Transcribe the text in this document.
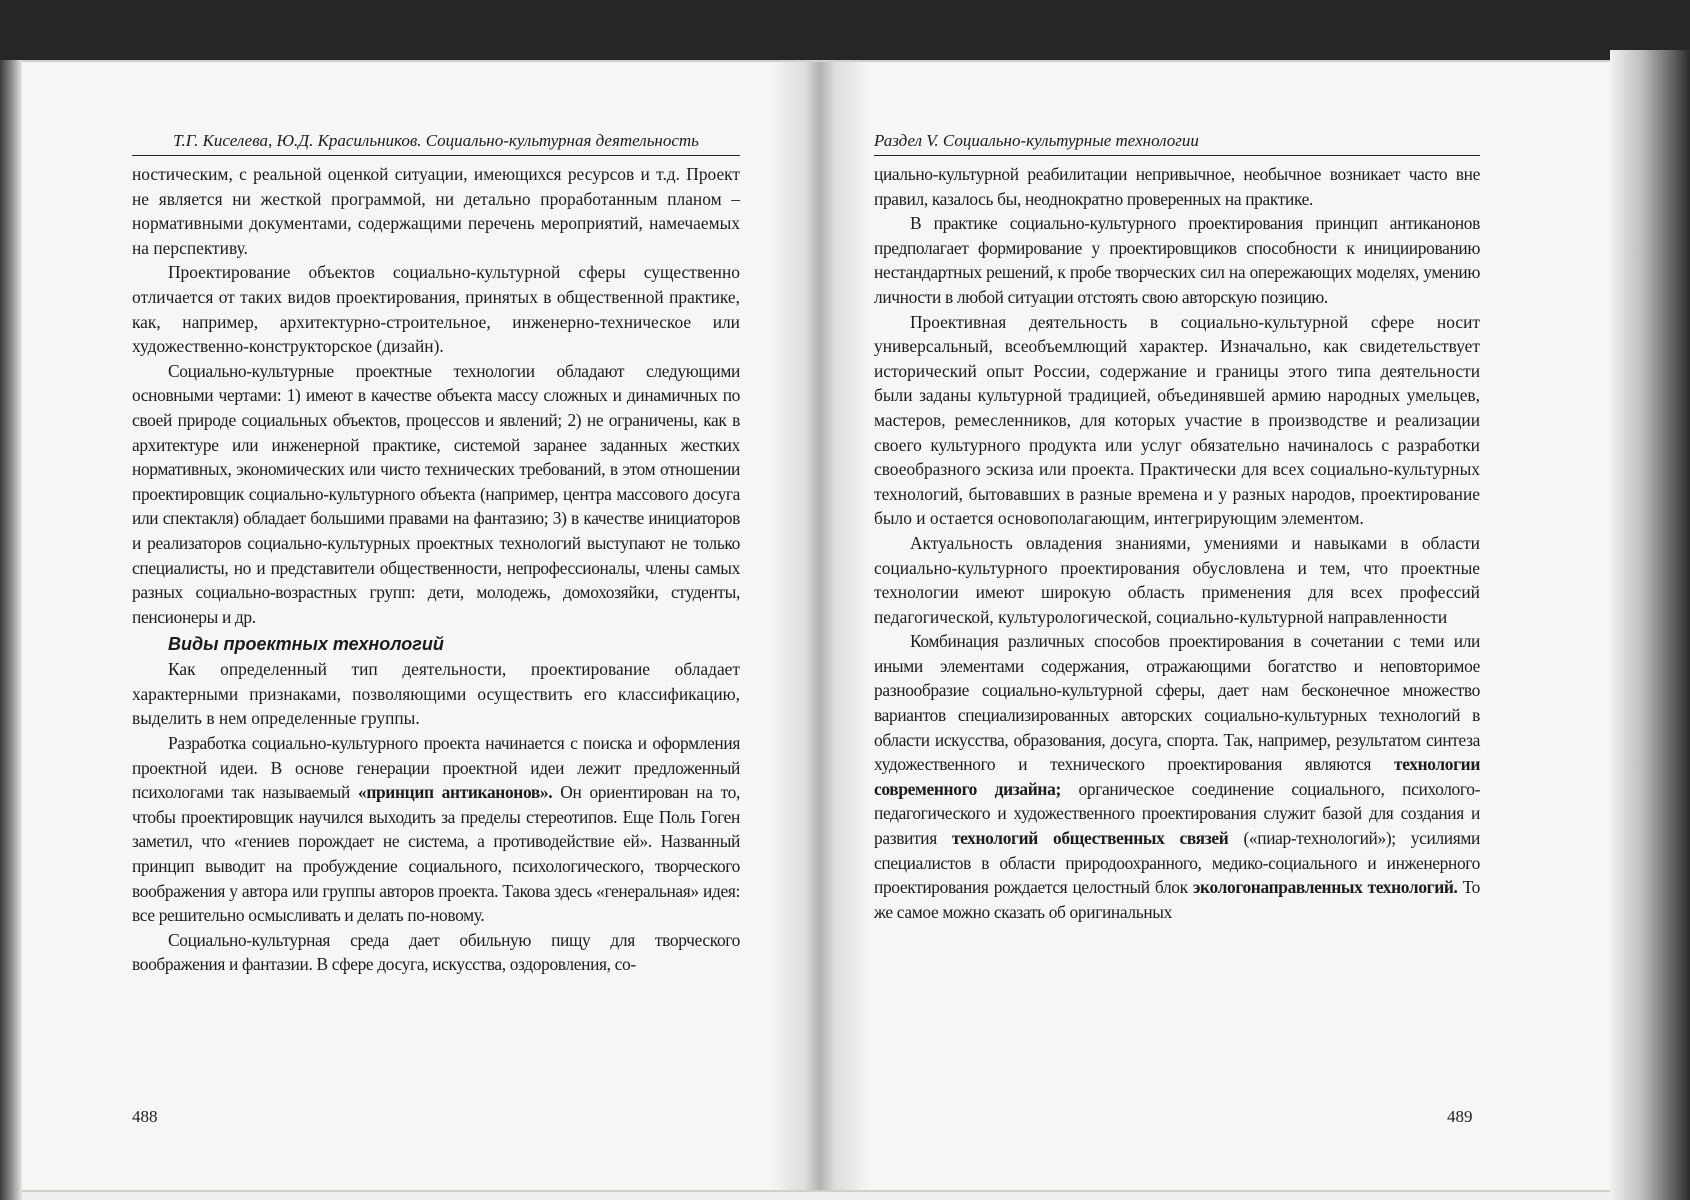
Т.Г. Киселева, Ю.Д. Красильников. Социально-культурная деятельность

ностическим, с реальной оценкой ситуации, имеющихся ресурсов и т.д. Проект не является ни жесткой программой, ни детально проработанным планом – нормативными документами, содержащими перечень мероприятий, намечаемых на перспективу.

Проектирование объектов социально-культурной сферы существенно отличается от таких видов проектирования, принятых в общественной практике, как, например, архитектурно-строительное, инженерно-техническое или художественно-конструкторское (дизайн).

Социально-культурные проектные технологии обладают следующими основными чертами: 1) имеют в качестве объекта массу сложных и динамичных по своей природе социальных объектов, процессов и явлений; 2) не ограничены, как в архитектуре или инженерной практике, системой заранее заданных жестких нормативных, экономических или чисто технических требований, в этом отношении проектировщик социально-культурного объекта (например, центра массового досуга или спектакля) обладает большими правами на фантазию; 3) в качестве инициаторов и реализаторов социально-культурных проектных технологий выступают не только специалисты, но и представители общественности, непрофессионалы, члены самых разных социально-возрастных групп: дети, молодежь, домохозяйки, студенты, пенсионеры и др.

Виды проектных технологий

Как определенный тип деятельности, проектирование обладает характерными признаками, позволяющими осуществить его классификацию, выделить в нем определенные группы.

Разработка социально-культурного проекта начинается с поиска и оформления проектной идеи. В основе генерации проектной идеи лежит предложенный психологами так называемый «принцип антиканонов». Он ориентирован на то, чтобы проектировщик научился выходить за пределы стереотипов. Еще Поль Гоген заметил, что «гениев порождает не система, а противодействие ей». Названный принцип выводит на пробуждение социального, психологического, творческого воображения у автора или группы авторов проекта. Такова здесь «генеральная» идея: все решительно осмысливать и делать по-новому.

Социально-культурная среда дает обильную пищу для творческого воображения и фантазии. В сфере досуга, искусства, оздоровления, со-

488
Раздел V. Социально-культурные технологии

циально-культурной реабилитации непривычное, необычное возникает часто вне правил, казалось бы, неоднократно проверенных на практике.

В практике социально-культурного проектирования принцип антиканонов предполагает формирование у проектировщиков способности к инициированию нестандартных решений, к пробе творческих сил на опережающих моделях, умению личности в любой ситуации отстоять свою авторскую позицию.

Проективная деятельность в социально-культурной сфере носит универсальный, всеобъемлющий характер. Изначально, как свидетельствует исторический опыт России, содержание и границы этого типа деятельности были заданы культурной традицией, объединявшей армию народных умельцев, мастеров, ремесленников, для которых участие в производстве и реализации своего культурного продукта или услуг обязательно начиналось с разработки своеобразного эскиза или проекта. Практически для всех социально-культурных технологий, бытовавших в разные времена и у разных народов, проектирование было и остается основополагающим, интегрирующим элементом.

Актуальность овладения знаниями, умениями и навыками в области социально-культурного проектирования обусловлена и тем, что проектные технологии имеют широкую область применения для всех профессий педагогической, культурологической, социально-культурной направленности

Комбинация различных способов проектирования в сочетании с теми или иными элементами содержания, отражающими богатство и неповторимое разнообразие социально-культурной сферы, дает нам бесконечное множество вариантов специализированных авторских социально-культурных технологий в области искусства, образования, досуга, спорта. Так, например, результатом синтеза художественного и технического проектирования являются технологии современного дизайна; органическое соединение социального, психолого-педагогического и художественного проектирования служит базой для создания и развития технологий общественных связей («пиар-технологий»); усилиями специалистов в области природоохранного, медико-социального и инженерного проектирования рождается целостный блок экологонаправленных технологий. То же самое можно сказать об оригинальных

489
